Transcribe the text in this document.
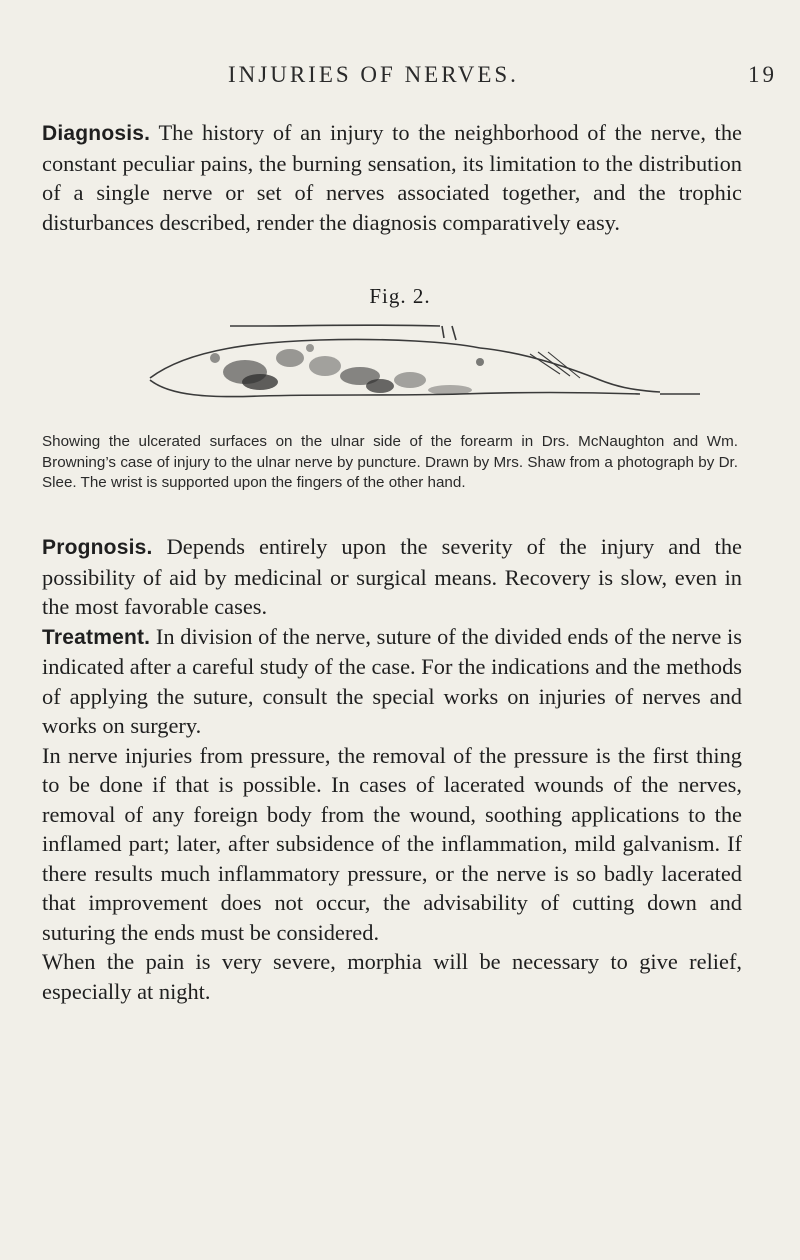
INJURIES OF NERVES.	19

Diagnosis. The history of an injury to the neighborhood of the nerve, the constant peculiar pains, the burning sensation, its limitation to the distribution of a single nerve or set of nerves associated together, and the trophic disturbances described, render the diagnosis comparatively easy.

Fig. 2.
Showing the ulcerated surfaces on the ulnar side of the forearm in Drs. McNaughton and Wm. Browning’s case of injury to the ulnar nerve by puncture. Drawn by Mrs. Shaw from a photograph by Dr. Slee. The wrist is supported upon the fingers of the other hand.

Prognosis. Depends entirely upon the severity of the injury and the possibility of aid by medicinal or surgical means. Recovery is slow, even in the most favorable cases.

Treatment. In division of the nerve, suture of the divided ends of the nerve is indicated after a careful study of the case. For the indications and the methods of applying the suture, consult the special works on injuries of nerves and works on surgery.

In nerve injuries from pressure, the removal of the pressure is the first thing to be done if that is possible. In cases of lacerated wounds of the nerves, removal of any foreign body from the wound, soothing applications to the inflamed part; later, after subsidence of the inflammation, mild galvanism. If there results much inflammatory pressure, or the nerve is so badly lacerated that improvement does not occur, the advisability of cutting down and suturing the ends must be considered.

When the pain is very severe, morphia will be necessary to give relief, especially at night.
